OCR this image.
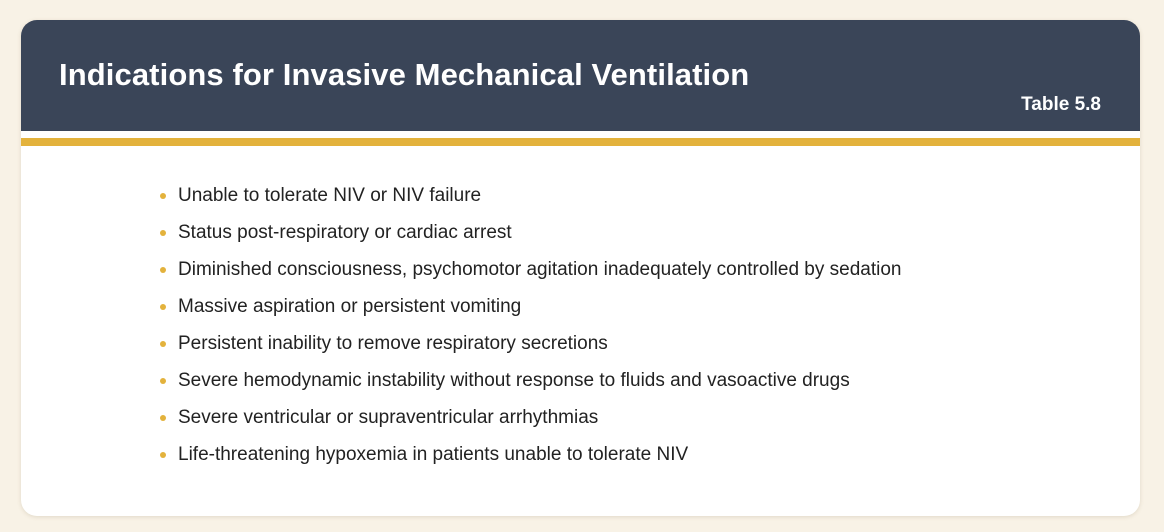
Indications for Invasive Mechanical Ventilation
Table 5.8
Unable to tolerate NIV or NIV failure
Status post-respiratory or cardiac arrest
Diminished consciousness, psychomotor agitation inadequately controlled by sedation
Massive aspiration or persistent vomiting
Persistent inability to remove respiratory secretions
Severe hemodynamic instability without response to fluids and vasoactive drugs
Severe ventricular or supraventricular arrhythmias
Life-threatening hypoxemia in patients unable to tolerate NIV
